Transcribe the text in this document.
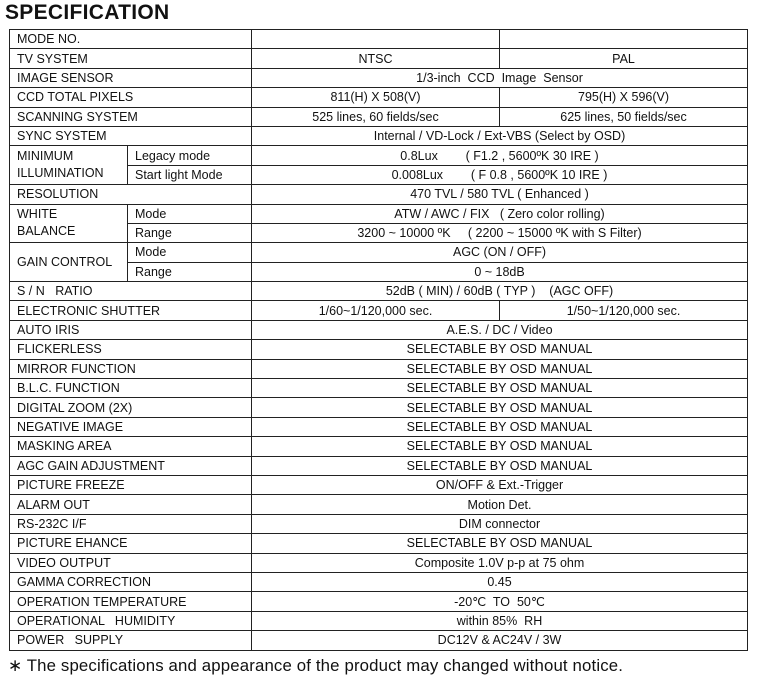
SPECIFICATION
MODE NO.			
TV SYSTEM		NTSC	PAL
IMAGE SENSOR		1/3-inch  CCD  Image  Sensor	
CCD TOTAL PIXELS		811(H) X 508(V)	795(H) X 596(V)
SCANNING SYSTEM		525 lines, 60 fields/sec	625 lines, 50 fields/sec
SYNC SYSTEM		Internal / VD-Lock / Ext-VBS (Select by OSD)	
MINIMUM
ILLUMINATION	Legacy mode	0.8Lux        ( F1.2 , 5600ºK 30 IRE )	
	Start light Mode	0.008Lux        ( F 0.8 , 5600ºK 10 IRE )	
RESOLUTION		470 TVL / 580 TVL ( Enhanced )	
WHITE
BALANCE	Mode	ATW / AWC / FIX   ( Zero color rolling)	
	Range	3200 ~ 10000 ºK     ( 2200 ~ 15000 ºK with S Filter)	
GAIN CONTROL	Mode	AGC (ON / OFF)	
	Range	0 ~ 18dB	
S / N   RATIO		52dB ( MIN) / 60dB ( TYP )    (AGC OFF)	
ELECTRONIC SHUTTER		1/60~1/120,000 sec.	1/50~1/120,000 sec.
AUTO IRIS		A.E.S. / DC / Video	
FLICKERLESS		SELECTABLE BY OSD MANUAL	
MIRROR FUNCTION		SELECTABLE BY OSD MANUAL	
B.L.C. FUNCTION		SELECTABLE BY OSD MANUAL	
DIGITAL ZOOM (2X)		SELECTABLE BY OSD MANUAL	
NEGATIVE IMAGE		SELECTABLE BY OSD MANUAL	
MASKING AREA		SELECTABLE BY OSD MANUAL	
AGC GAIN ADJUSTMENT		SELECTABLE BY OSD MANUAL	
PICTURE FREEZE		ON/OFF & Ext.-Trigger	
ALARM OUT		Motion Det.	
RS-232C I/F		DIM connector	
PICTURE EHANCE		SELECTABLE BY OSD MANUAL	
VIDEO OUTPUT		Composite 1.0V p-p at 75 ohm	
GAMMA CORRECTION		0.45	
OPERATION TEMPERATURE		-20℃  TO  50℃	
OPERATIONAL   HUMIDITY		within 85%  RH	
POWER   SUPPLY		DC12V & AC24V / 3W	
∗ The specifications and appearance of the product may changed without notice.
